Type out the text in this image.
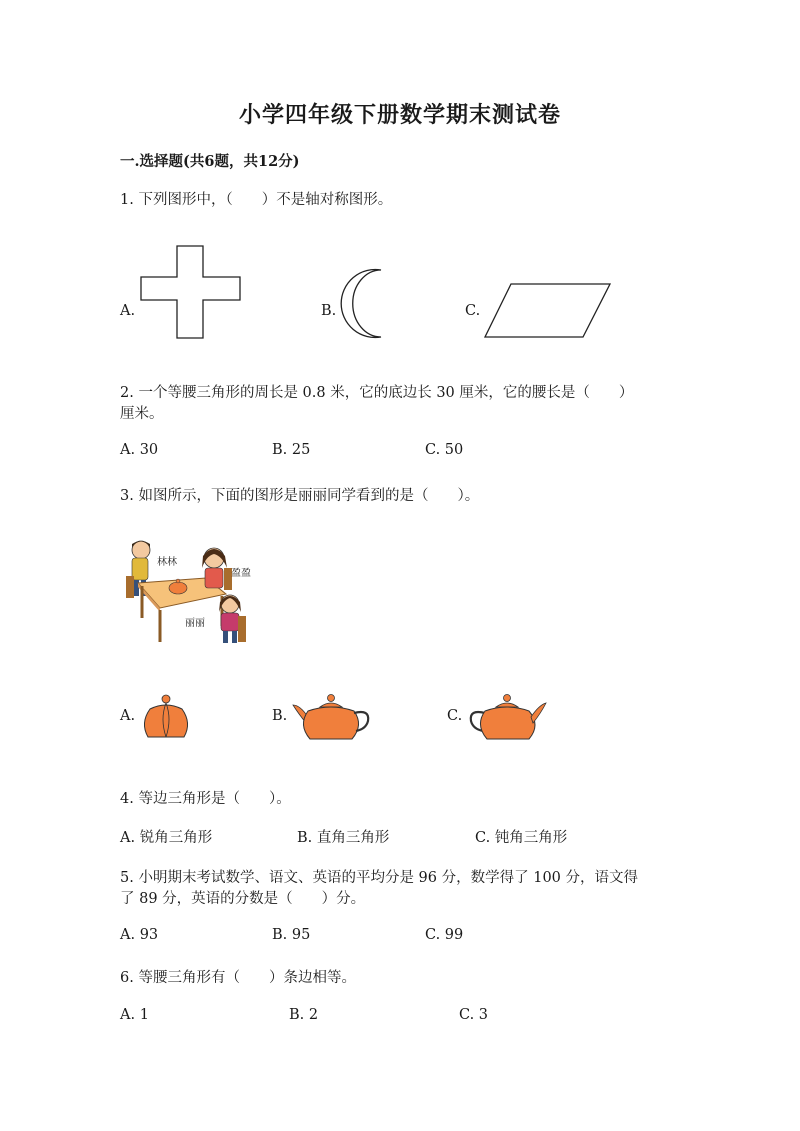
小学四年级下册数学期末测试卷
一.选择题(共6题，共12分)
1. 下列图形中，（　　）不是轴对称图形。
A.	B.	C.
2. 一个等腰三角形的周长是 0.8 米，它的底边长 30 厘米，它的腰长是（　　）
厘米。
A. 30	B. 25	C. 50
3. 如图所示，下面的图形是丽丽同学看到的是（　　）。
林林
盈盈
丽丽
A.	B.	C.
4. 等边三角形是（　　）。
A. 锐角三角形	B. 直角三角形	C. 钝角三角形
5. 小明期末考试数学、语文、英语的平均分是 96 分，数学得了 100 分，语文得
了 89 分，英语的分数是（　　）分。
A. 93	B. 95	C. 99
6. 等腰三角形有（　　）条边相等。
A. 1	B. 2	C. 3
